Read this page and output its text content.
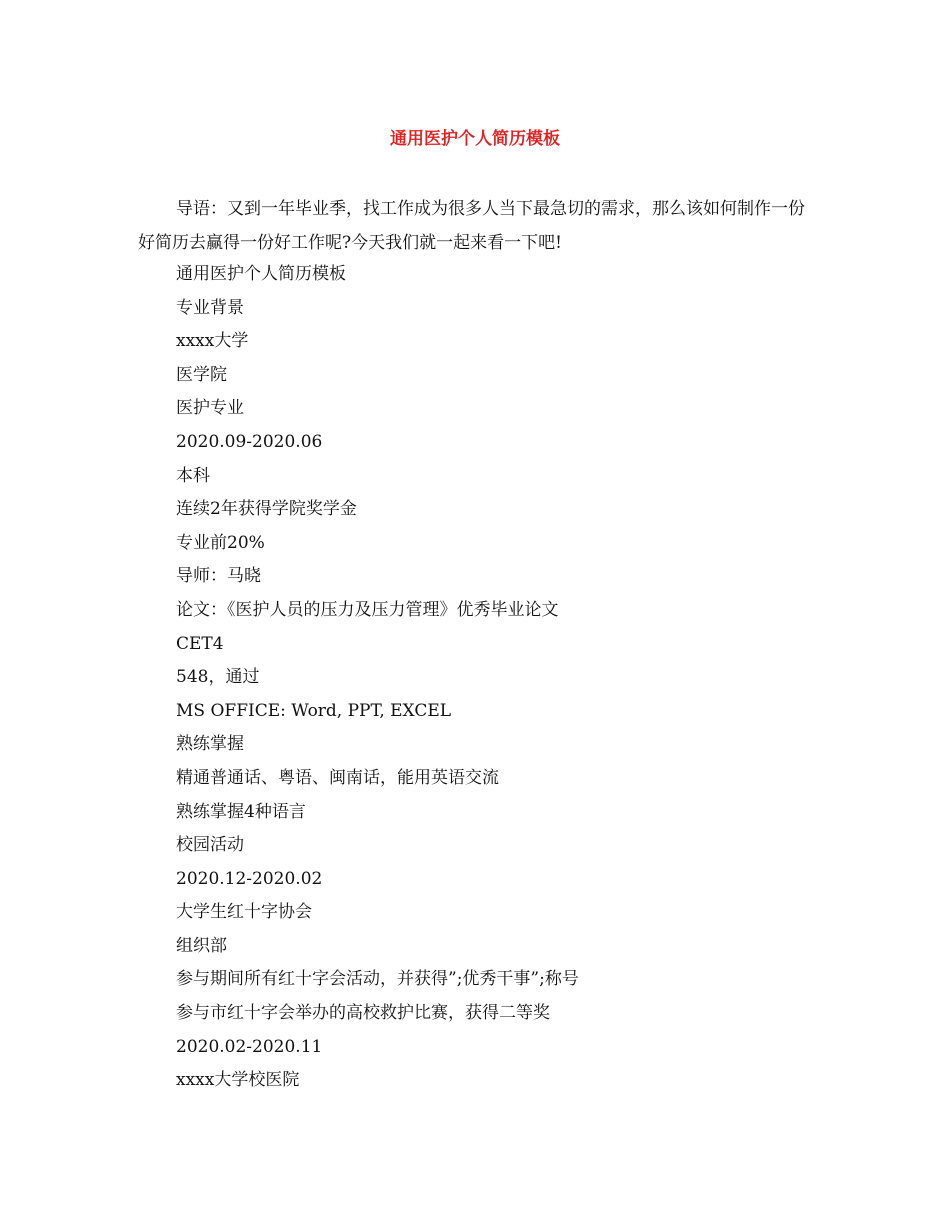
通用医护个人简历模板

导语：又到一年毕业季，找工作成为很多人当下最急切的需求，那么该如何制作一份好简历去赢得一份好工作呢?今天我们就一起来看一下吧!

通用医护个人简历模板
专业背景
xxxx大学
医学院
医护专业
2020.09-2020.06
本科
连续2年获得学院奖学金
专业前20%
导师：马晓
论文：《医护人员的压力及压力管理》优秀毕业论文
CET4
548，通过
MS OFFICE: Word, PPT, EXCEL
熟练掌握
精通普通话、粤语、闽南话，能用英语交流
熟练掌握4种语言
校园活动
2020.12-2020.02
大学生红十字协会
组织部
参与期间所有红十字会活动，并获得”;优秀干事”;称号
参与市红十字会举办的高校救护比赛，获得二等奖
2020.02-2020.11
xxxx大学校医院
